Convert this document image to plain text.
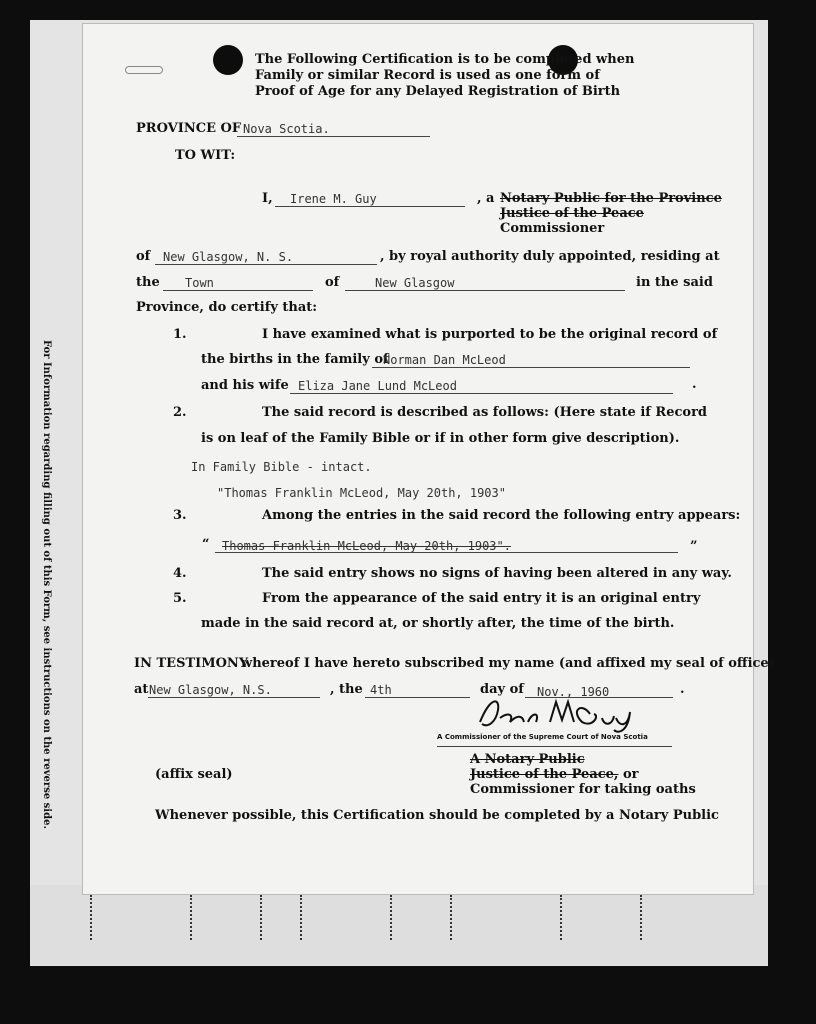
For Information regarding filling out of this Form, see instructions on the reverse side.
The Following Certification is to be completed when
Family or similar Record is used as one form of
Proof of Age for any Delayed Registration of Birth
PROVINCE OF Nova Scotia.
TO WIT:
I, Irene M. Guy	, a Notary Public for the Province
Justice of the Peace
Commissioner
of New Glasgow, N. S.	, by royal authority duly appointed, residing at
the Town	of	New Glasgow	in the said
Province, do certify that:
1.	I have examined what is purported to be the original record of
the births in the family of
Norman Dan McLeod
and his wife Eliza Jane Lund McLeod	.
2.	The said record is described as follows: (Here state if Record
is on leaf of the Family Bible or if in other form give description).
In Family Bible - intact.
"Thomas Franklin McLeod, May 20th, 1903"
3.	Among the entries in the said record the following entry appears:
“ Thomas Franklin McLeod, May 20th, 1903".	”
4.	The said entry shows no signs of having been altered in any way.
5.	From the appearance of the said entry it is an original entry
made in the said record at, or shortly after, the time of the birth.
IN TESTIMONY
whereof I have hereto subscribed my name (and affixed my seal of office)
at New Glasgow, N.S.	, the 4th	day of Nov., 1960	.
A Commissioner of the Supreme Court of Nova Scotia
A Notary Public
Justice of the Peace, or
Commissioner for taking oaths
(affix seal)
Whenever possible, this Certification should be completed by a Notary Public
